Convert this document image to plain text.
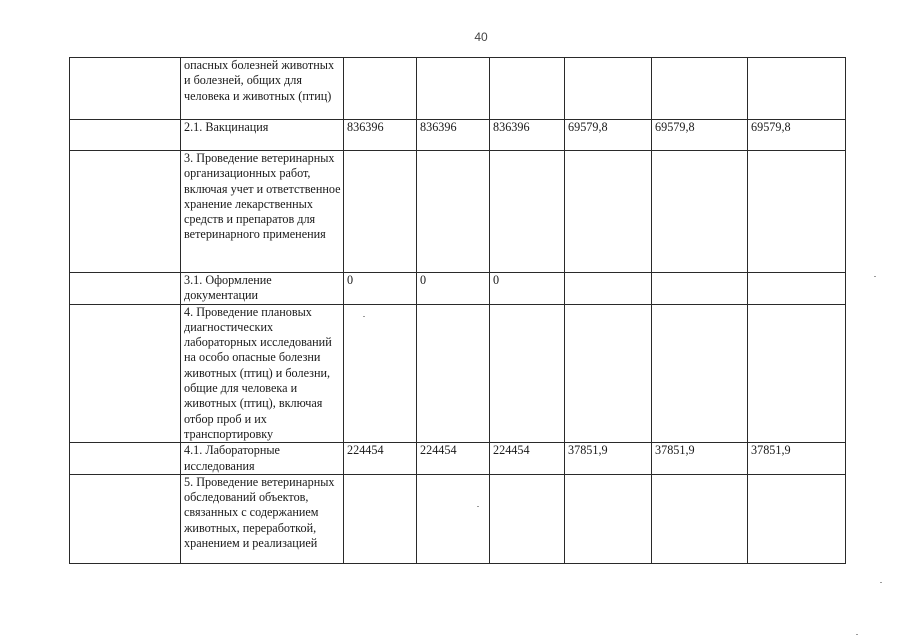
40
	опасных болезней животных и болезней, общих для человека и животных (птиц)						
	2.1. Вакцинация	836396	836396	836396	69579,8	69579,8	69579,8
	3. Проведение ветеринарных организационных работ, включая учет и ответственное хранение лекарственных средств и препаратов для ветеринарного применения						
	3.1. Оформление документации	0	0	0			
	4. Проведение плановых диагностических лабораторных исследований на особо опасные болезни животных (птиц) и болезни, общие для человека и животных (птиц), включая отбор проб и их транспортировку						
	4.1. Лабораторные исследования	224454	224454	224454	37851,9	37851,9	37851,9
	5. Проведение ветеринарных обследований объектов, связанных с содержанием животных, переработкой, хранением и реализацией						
